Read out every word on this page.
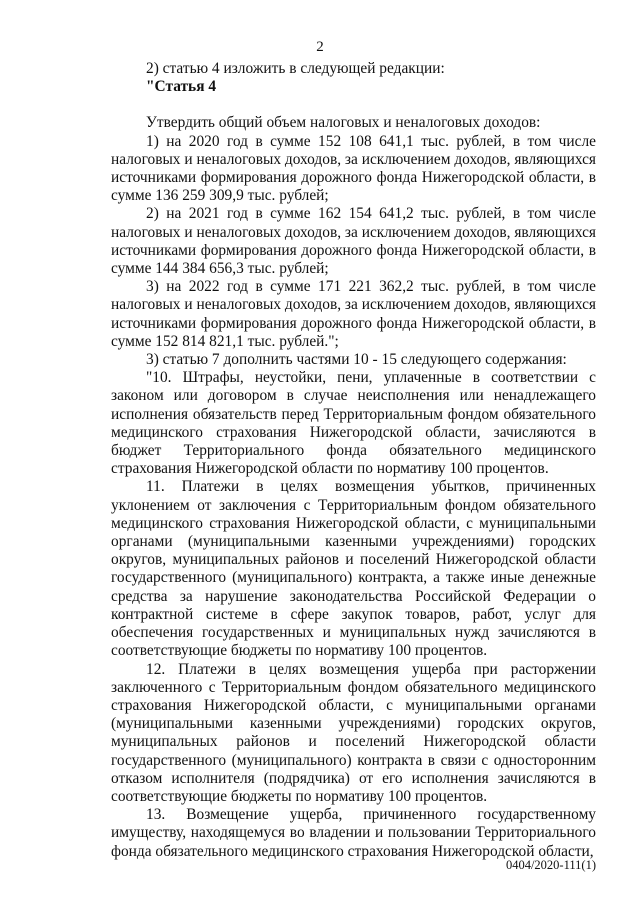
2

2) статью 4 изложить в следующей редакции:

"Статья 4

Утвердить общий объем налоговых и неналоговых доходов:

1) на 2020 год в сумме 152 108 641,1 тыс. рублей, в том числе налоговых и неналоговых доходов, за исключением доходов, являющихся источниками формирования дорожного фонда Нижегородской области, в сумме 136 259 309,9 тыс. рублей;

2) на 2021 год в сумме 162 154 641,2 тыс. рублей, в том числе налоговых и неналоговых доходов, за исключением доходов, являющихся источниками формирования дорожного фонда Нижегородской области, в сумме 144 384 656,3 тыс. рублей;

3) на 2022 год в сумме 171 221 362,2 тыс. рублей, в том числе налоговых и неналоговых доходов, за исключением доходов, являющихся источниками формирования дорожного фонда Нижегородской области, в сумме 152 814 821,1 тыс. рублей.";

3) статью 7 дополнить частями 10 - 15 следующего содержания:

"10. Штрафы, неустойки, пени, уплаченные в соответствии с законом или договором в случае неисполнения или ненадлежащего исполнения обязательств перед Территориальным фондом обязательного медицинского страхования Нижегородской области, зачисляются в бюджет Территориального фонда обязательного медицинского страхования Нижегородской области по нормативу 100 процентов.

11. Платежи в целях возмещения убытков, причиненных уклонением от заключения с Территориальным фондом обязательного медицинского страхования Нижегородской области, с муниципальными органами (муниципальными казенными учреждениями) городских округов, муниципальных районов и поселений Нижегородской области государственного (муниципального) контракта, а также иные денежные средства за нарушение законодательства Российской Федерации о контрактной системе в сфере закупок товаров, работ, услуг для обеспечения государственных и муниципальных нужд зачисляются в соответствующие бюджеты по нормативу 100 процентов.

12. Платежи в целях возмещения ущерба при расторжении заключенного с Территориальным фондом обязательного медицинского страхования Нижегородской области, с муниципальными органами (муниципальными казенными учреждениями) городских округов, муниципальных районов и поселений Нижегородской области государственного (муниципального) контракта в связи с односторонним отказом исполнителя (подрядчика) от его исполнения зачисляются в соответствующие бюджеты по нормативу 100 процентов.

13. Возмещение ущерба, причиненного государственному имуществу, находящемуся во владении и пользовании Территориального фонда обязательного медицинского страхования Нижегородской области,

0404/2020-111(1)
